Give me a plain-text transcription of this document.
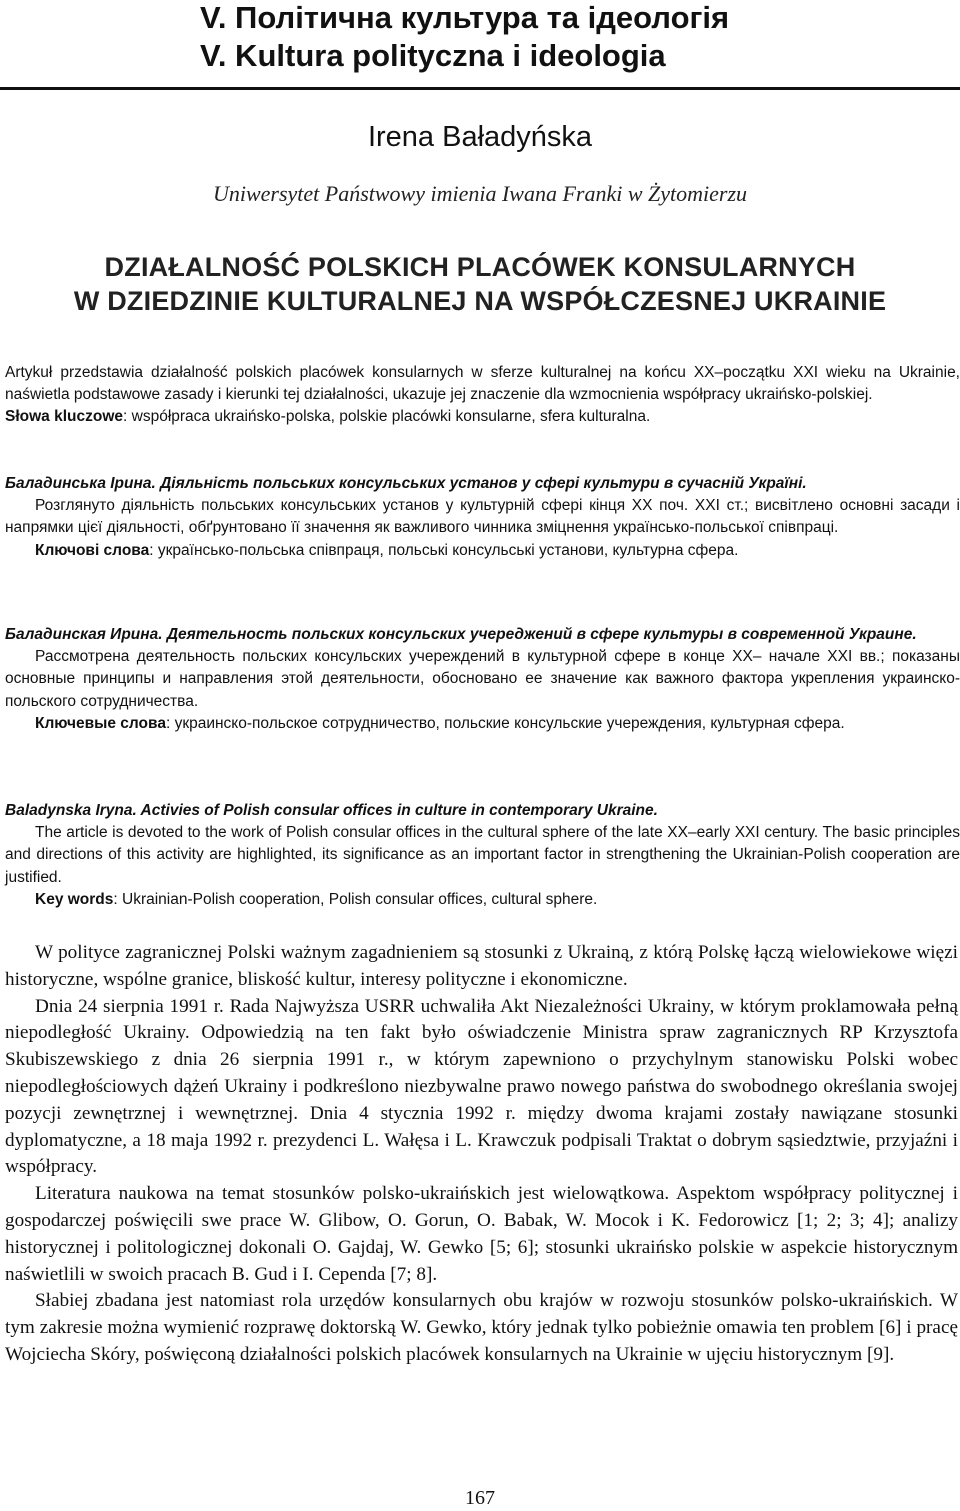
V. Політична культура та ідеологія
V. Kultura polityczna i ideologia
Irena Baładyńska
Uniwersytet Państwowy imienia Iwana Franki w Żytomierzu
DZIAŁALNOŚĆ POLSKICH PLACÓWEK KONSULARNYCH
W DZIEDZINIE KULTURALNEJ NA WSPÓŁCZESNEJ UKRAINIE

Artykuł przedstawia działalność polskich placówek konsularnych w sferze kulturalnej na końcu XX–początku XXI wieku na Ukrainie, naświetla podstawowe zasady i kierunki tej działalności, ukazuje jej znaczenie dla wzmocnienia współpracy ukraińsko-polskiej.

Słowa kluczowe: współpraca ukraińsko-polska, polskie placówki konsularne, sfera kulturalna.

Баладинська Ірина. Діяльність польських консульських установ у сфері культури в сучасній Україні.

Розглянуто діяльність польських консульських установ у культурній сфері кінця ХХ поч. ХХІ ст.; висвітлено основні засади і напрямки цієї діяльності, обґрунтовано її значення як важливого чинника зміцнення українсько-польської співпраці.

Ключові слова: українсько-польська співпраця, польські консульські установи, культурна сфера.

Баладинская Ирина. Деятельность польских консульских учереджений в сфере культуры в современной Украине.

Рассмотрена деятельность польских консульских учереждений в культурной сфере в конце ХХ– начале ХХІ вв.; показаны основные принципы и направления этой деятельности, обосновано ее значение как важного фактора укрепления украинско-польского сотрудничества.

Ключевые слова: украинско-польское сотрудничество, польские консульские учереждения, культурная сфера.

Baladynska Iryna. Activies of Polish consular offices in culture in contemporary Ukraine.

The article is devoted to the work of Polish consular offices in the cultural sphere of the late XX–early XXI century. The basic principles and directions of this activity are highlighted, its significance as an important factor in strengthening the Ukrainian-Polish cooperation are justified.

Key words: Ukrainian-Polish cooperation, Polish consular offices, cultural sphere.

W polityce zagranicznej Polski ważnym zagadnieniem są stosunki z Ukrainą, z którą Polskę łączą wielowiekowe więzi historyczne, wspólne granice, bliskość kultur, interesy polityczne i ekonomiczne.

Dnia 24 sierpnia 1991 r. Rada Najwyższa USRR uchwaliła Akt Niezależności Ukrainy, w którym proklamowała pełną niepodległość Ukrainy. Odpowiedzią na ten fakt było oświadczenie Ministra spraw zagranicznych RP Krzysztofa Skubiszewskiego z dnia 26 sierpnia 1991 r., w którym zapewniono o przychylnym stanowisku Polski wobec niepodległościowych dążeń Ukrainy i podkreślono niezbywalne prawo nowego państwa do swobodnego określania swojej pozycji zewnętrznej i wewnętrznej. Dnia 4 stycznia 1992 r. między dwoma krajami zostały nawiązane stosunki dyplomatyczne, a 18 maja 1992 r. prezydenci L. Wałęsa i L. Krawczuk podpisali Traktat o dobrym sąsiedztwie, przyjaźni i współpracy.

Literatura naukowa na temat stosunków polsko-ukraińskich jest wielowątkowa. Aspektom współpracy politycznej i gospodarczej poświęcili swe prace W. Glibow, O. Gorun, O. Babak, W. Mocok i K. Fedorowicz [1; 2; 3; 4]; analizy historycznej i politologicznej dokonali O. Gajdaj, W. Gewko [5; 6]; stosunki ukraińsko polskie w aspekcie historycznym naświetlili w swoich pracach B. Gud i I. Cependa [7; 8].

Słabiej zbadana jest natomiast rola urzędów konsularnych obu krajów w rozwoju stosunków polsko-ukraińskich. W tym zakresie można wymienić rozprawę doktorską W. Gewko, który jednak tylko pobieżnie omawia ten problem [6] i pracę Wojciecha Skóry, poświęconą działalności polskich placówek konsularnych na Ukrainie w ujęciu historycznym [9].

167
